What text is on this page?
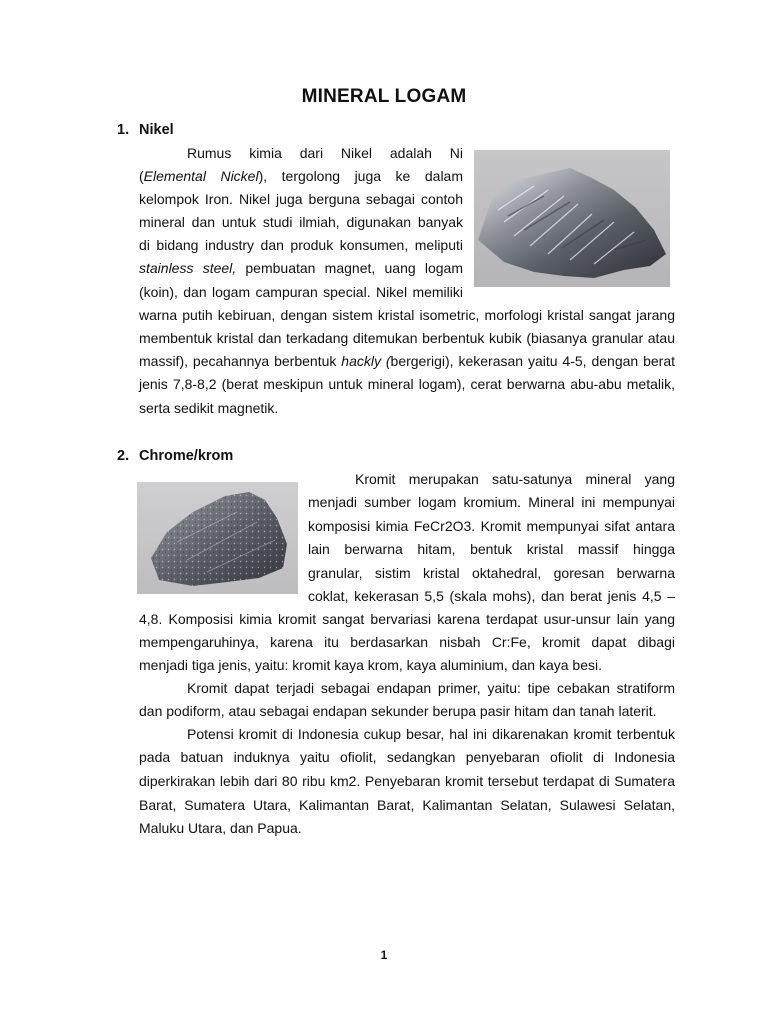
MINERAL LOGAM
1. Nikel
Rumus kimia dari Nikel adalah Ni
(Elemental Nickel), tergolong juga ke dalam
kelompok Iron. Nikel juga berguna sebagai contoh
mineral dan untuk studi ilmiah, digunakan banyak
di bidang industry dan produk konsumen, meliputi
stainless steel, pembuatan magnet, uang logam
(koin), dan logam campuran special. Nikel memiliki
warna putih kebiruan, dengan sistem kristal isometric, morfologi kristal sangat jarang
membentuk kristal dan terkadang ditemukan berbentuk kubik (biasanya granular atau
massif), pecahannya berbentuk hackly (bergerigi), kekerasan yaitu 4-5, dengan berat
jenis 7,8-8,2 (berat meskipun untuk mineral logam), cerat berwarna abu-abu metalik,
serta sedikit magnetik.
2. Chrome/krom
Kromit merupakan satu-satunya mineral yang
menjadi sumber logam kromium. Mineral ini mempunyai
komposisi kimia FeCr2O3. Kromit mempunyai sifat antara
lain berwarna hitam, bentuk kristal massif hingga
granular, sistim kristal oktahedral, goresan berwarna
coklat, kekerasan 5,5 (skala mohs), dan berat jenis 4,5 –
4,8. Komposisi kimia kromit sangat bervariasi karena terdapat usur-unsur lain yang
mempengaruhinya, karena itu berdasarkan nisbah Cr:Fe, kromit dapat dibagi
menjadi tiga jenis, yaitu: kromit kaya krom, kaya aluminium, dan kaya besi.
Kromit dapat terjadi sebagai endapan primer, yaitu: tipe cebakan stratiform
dan podiform, atau sebagai endapan sekunder berupa pasir hitam dan tanah laterit.
Potensi kromit di Indonesia cukup besar, hal ini dikarenakan kromit terbentuk
pada batuan induknya yaitu ofiolit, sedangkan penyebaran ofiolit di Indonesia
diperkirakan lebih dari 80 ribu km2. Penyebaran kromit tersebut terdapat di Sumatera
Barat, Sumatera Utara, Kalimantan Barat, Kalimantan Selatan, Sulawesi Selatan,
Maluku Utara, dan Papua.
1
